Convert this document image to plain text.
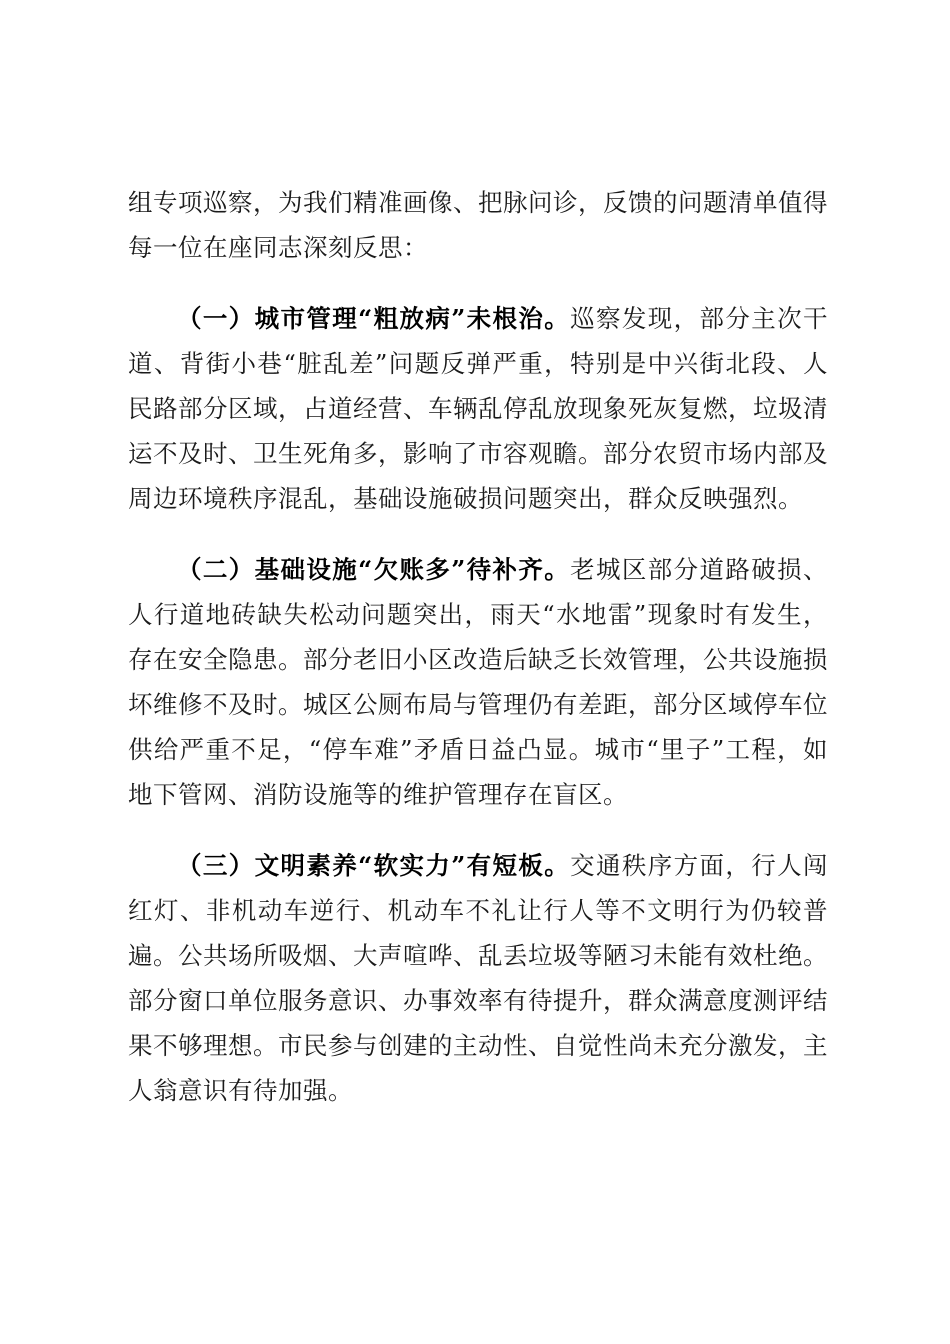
组专项巡察，为我们精准画像、把脉问诊，反馈的问题清单值得每一位在座同志深刻反思：

（一）城市管理“粗放病”未根治。巡察发现，部分主次干道、背街小巷“脏乱差”问题反弹严重，特别是中兴街北段、人民路部分区域，占道经营、车辆乱停乱放现象死灰复燃，垃圾清运不及时、卫生死角多，影响了市容观瞻。部分农贸市场内部及周边环境秩序混乱，基础设施破损问题突出，群众反映强烈。

（二）基础设施“欠账多”待补齐。老城区部分道路破损、人行道地砖缺失松动问题突出，雨天“水地雷”现象时有发生，存在安全隐患。部分老旧小区改造后缺乏长效管理，公共设施损坏维修不及时。城区公厕布局与管理仍有差距，部分区域停车位供给严重不足，“停车难”矛盾日益凸显。城市“里子”工程，如地下管网、消防设施等的维护管理存在盲区。

（三）文明素养“软实力”有短板。交通秩序方面，行人闯红灯、非机动车逆行、机动车不礼让行人等不文明行为仍较普遍。公共场所吸烟、大声喧哗、乱丢垃圾等陋习未能有效杜绝。部分窗口单位服务意识、办事效率有待提升，群众满意度测评结果不够理想。市民参与创建的主动性、自觉性尚未充分激发，主人翁意识有待加强。
